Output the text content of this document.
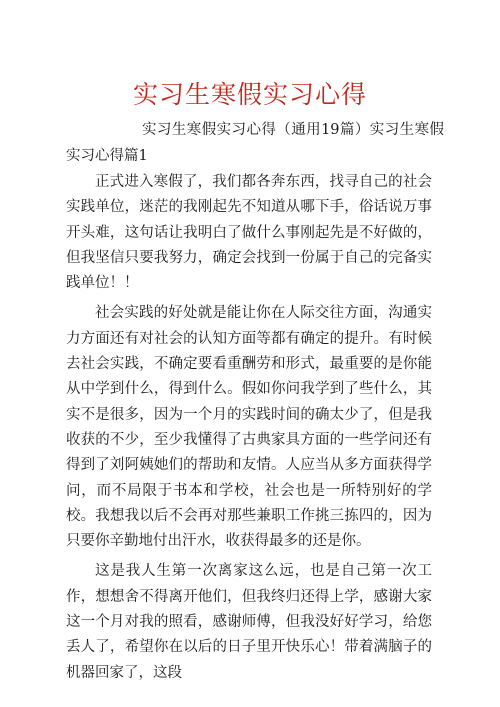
实习生寒假实习心得
实习生寒假实习心得（通用19篇）实习生寒假实习心得篇1

正式进入寒假了，我们都各奔东西，找寻自己的社会实践单位，迷茫的我刚起先不知道从哪下手，俗话说万事开头难，这句话让我明白了做什么事刚起先是不好做的，但我坚信只要我努力，确定会找到一份属于自己的完备实践单位！！

社会实践的好处就是能让你在人际交往方面，沟通实力方面还有对社会的认知方面等都有确定的提升。有时候去社会实践，不确定要看重酬劳和形式，最重要的是你能从中学到什么，得到什么。假如你问我学到了些什么，其实不是很多，因为一个月的实践时间的确太少了，但是我收获的不少，至少我懂得了古典家具方面的一些学问还有得到了刘阿姨她们的帮助和友情。人应当从多方面获得学问，而不局限于书本和学校，社会也是一所特别好的学校。我想我以后不会再对那些兼职工作挑三拣四的，因为只要你辛勤地付出汗水，收获得最多的还是你。

这是我人生第一次离家这么远，也是自己第一次工作，想想舍不得离开他们，但我终归还得上学，感谢大家这一个月对我的照看，感谢师傅，但我没好好学习，给您丢人了，希望你在以后的日子里开快乐心！带着满脑子的机器回家了，这段
